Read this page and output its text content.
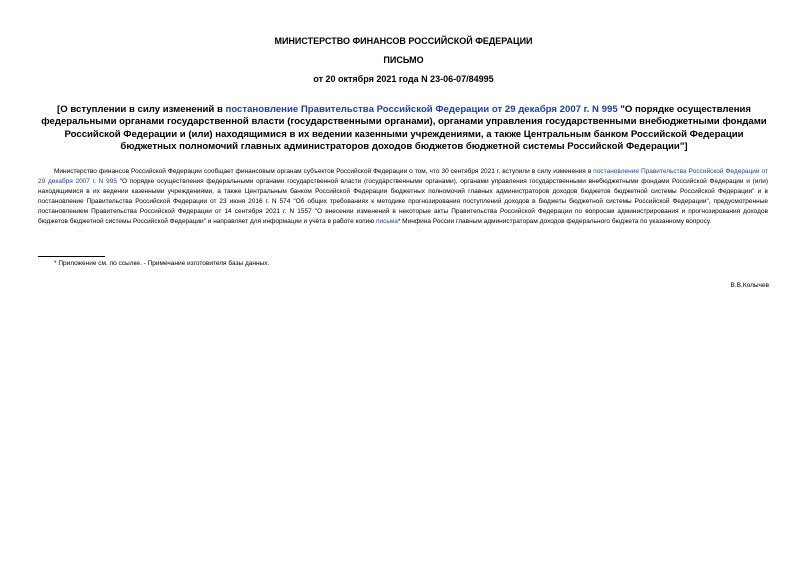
МИНИСТЕРСТВО ФИНАНСОВ РОССИЙСКОЙ ФЕДЕРАЦИИ
ПИСЬМО
от 20 октября 2021 года N 23-06-07/84995
[О вступлении в силу изменений в постановление Правительства Российской Федерации от 29 декабря 2007 г. N 995 "О порядке осуществления федеральными органами государственной власти (государственными органами), органами управления государственными внебюджетными фондами Российской Федерации и (или) находящимися в их ведении казенными учреждениями, а также Центральным банком Российской Федерации бюджетных полномочий главных администраторов доходов бюджетов бюджетной системы Российской Федерации"]
Министерство финансов Российской Федерации сообщает финансовым органам субъектов Российской Федерации о том, что 30 сентября 2021 г. вступили в силу изменения в постановление Правительства Российской Федерации от 29 декабря 2007 г. N 995 "О порядке осуществления федеральными органами государственной власти (государственными органами), органами управления государственными внебюджетными фондами Российской Федерации и (или) находящимися в их ведении казенными учреждениями, а также Центральным банком Российской Федерации бюджетных полномочий главных администраторов доходов бюджетов бюджетной системы Российской Федерации" и в постановление Правительства Российской Федерации от 23 июня 2016 г. N 574 "Об общих требованиях к методике прогнозирования поступлений доходов в бюджеты бюджетной системы Российской Федерации", предусмотренные постановлением Правительства Российской Федерации от 14 сентября 2021 г. N 1557 "О внесении изменений в некоторые акты Правительства Российской Федерации по вопросам администрирования и прогнозирования доходов бюджетов бюджетной системы Российской Федерации" и направляет для информации и учёта в работе копию письма* Минфина России главным администраторам доходов федерального бюджета по указанному вопросу.
* Приложение см. по ссылке. - Примечание изготовителя базы данных.
В.В.Колычев
